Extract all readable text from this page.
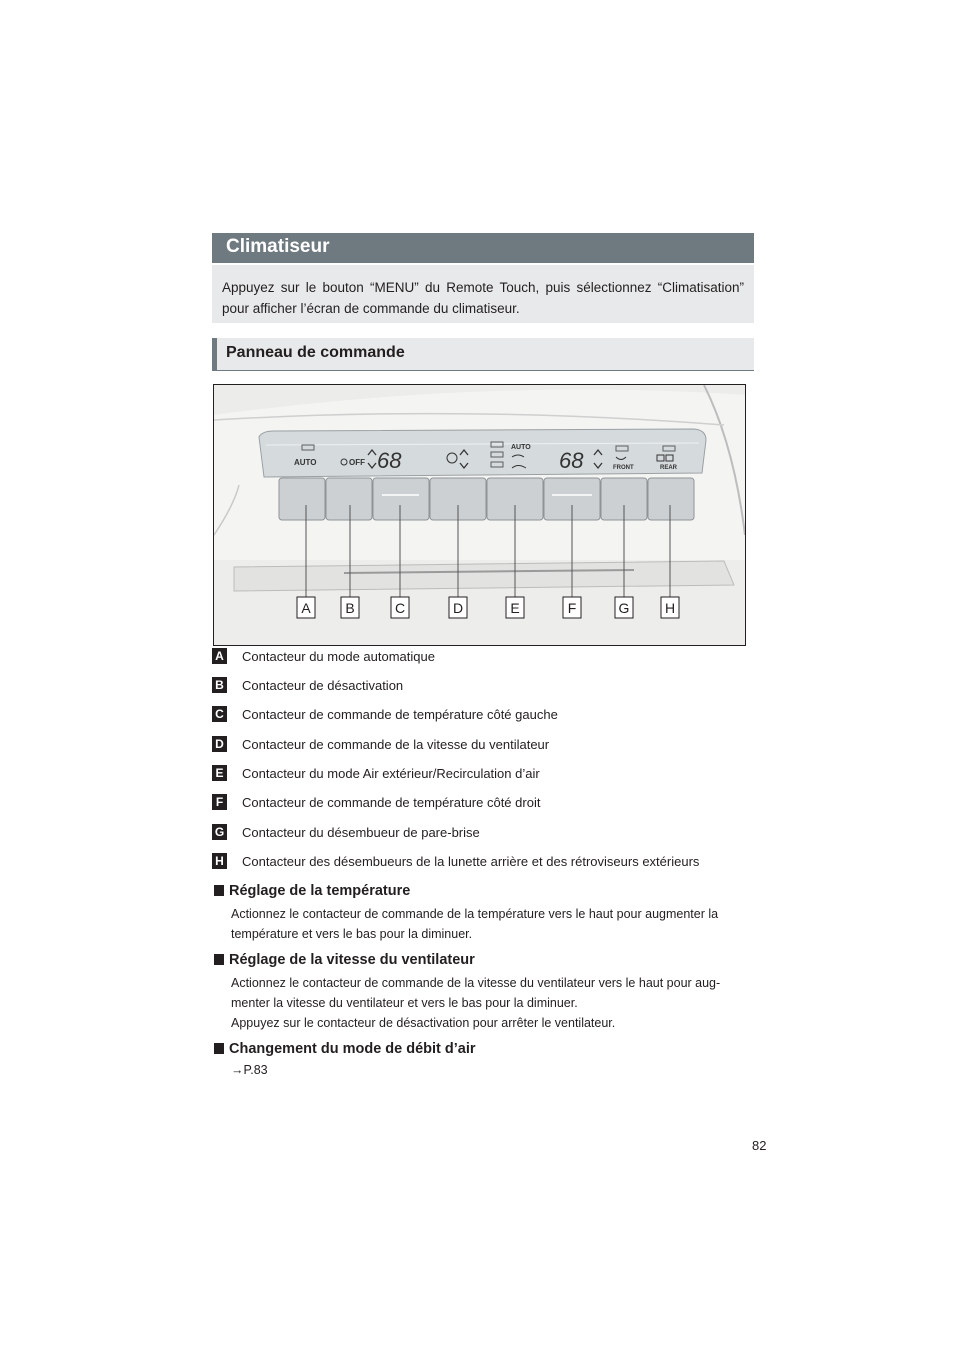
Climatiseur

Appuyez sur le bouton “MENU” du Remote Touch, puis sélectionnez “Climatisation” pour afficher l’écran de commande du climatiseur.

Panneau de commande
AUTO	OFF 68	68
AUTO
FRONT	REAR
A B	C	D	E	F	G	H
A Contacteur du mode automatique
B Contacteur de désactivation
C Contacteur de commande de température côté gauche
D Contacteur de commande de la vitesse du ventilateur
E Contacteur du mode Air extérieur/Recirculation d’air
F Contacteur de commande de température côté droit
G Contacteur du désembueur de pare-brise
H Contacteur des désembueurs de la lunette arrière et des rétroviseurs extérieurs
Réglage de la température
Actionnez le contacteur de commande de la température vers le haut pour augmenter la
température et vers le bas pour la diminuer.
Réglage de la vitesse du ventilateur
Actionnez le contacteur de commande de la vitesse du ventilateur vers le haut pour aug-
menter la vitesse du ventilateur et vers le bas pour la diminuer.
Appuyez sur le contacteur de désactivation pour arrêter le ventilateur.
Changement du mode de débit d’air
→P.83
82
